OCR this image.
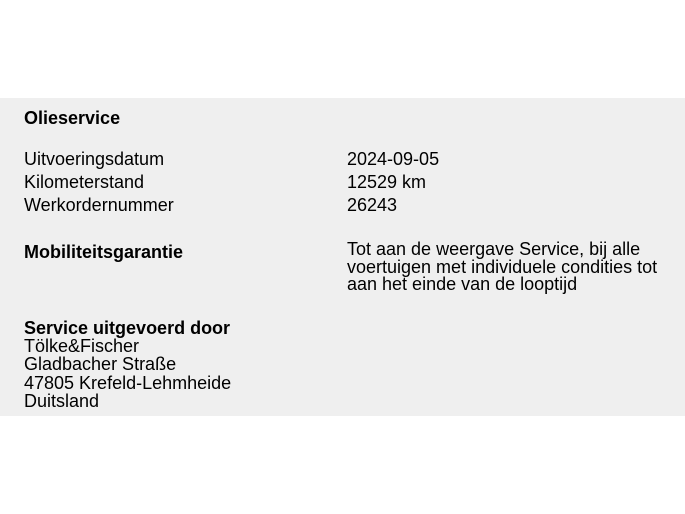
Olieservice
Uitvoeringsdatum	2024-09-05
Kilometerstand	12529 km
Werkordernummer	26243
Mobiliteitsgarantie	Tot aan de weergave Service, bij alle
voertuigen met individuele condities tot
aan het einde van de looptijd
Service uitgevoerd door
Tölke&Fischer
Gladbacher Straße
47805 Krefeld-Lehmheide
Duitsland
